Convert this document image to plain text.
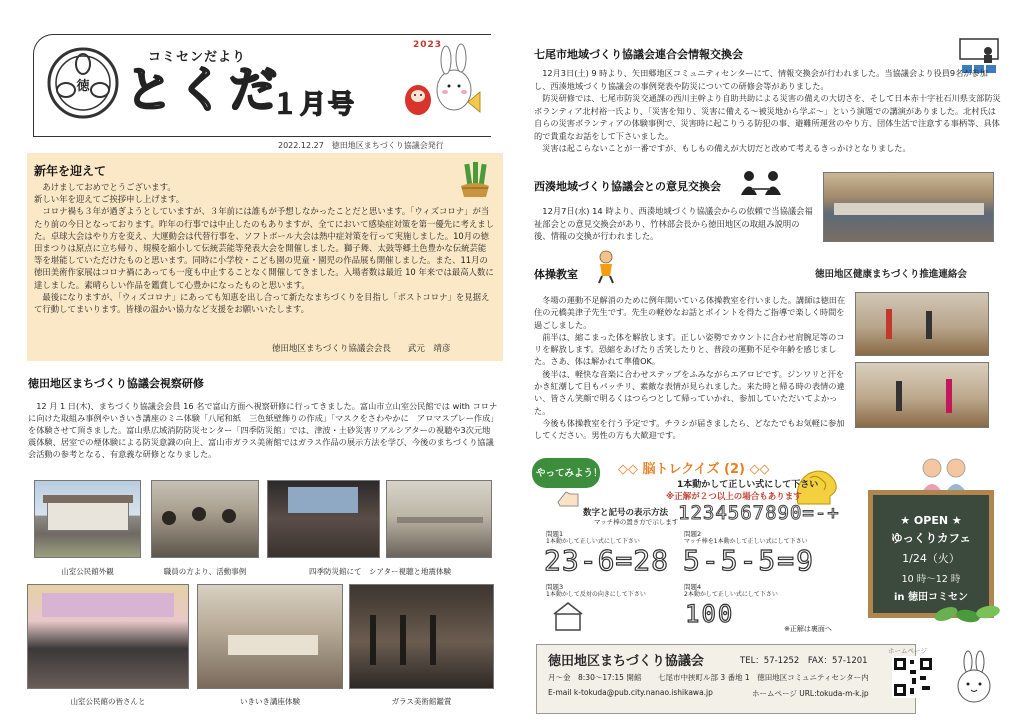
徳
コミセンだより
とくだ
１月号
2023
2022.12.27　徳田地区まちづくり協議会発行
新年を迎えて
　あけましておめでとうございます。
新しい年を迎えてご挨拶申し上げます。
　コロナ禍も３年が過ぎようとしていますが、３年前には誰もが予想しなかったことだと思います。「ウィズコロナ」が当たり前の今日となっております。昨年の行事では中止したのもありますが、全てにおいて感染症対策を第一優先に考えました。卓球大会はやり方を変え、大運動会は代替行事を、ソフトボール大会は熱中症対策を行って実施しました。10月の徳田まつりは原点に立ち帰り、規模を縮小して伝統芸能等発表大会を開催しました。獅子舞、太鼓等郷土色豊かな伝統芸能等を堪能していただけたものと思います。同時に小学校・こども園の児童・園児の作品展も開催しました。また、11月の徳田美術作家展はコロナ禍にあっても一度も中止することなく開催してきました。入場者数は最近 10 年来では最高人数に達しました。素晴らしい作品を鑑賞して心豊かになったものと思います。
　最後になりますが、「ウィズコロナ」にあっても知恵を出し合って新たなまちづくりを目指し「ポストコロナ」を見据えて行動してまいります。皆様の温かい協力など支援をお願いいたします。
徳田地区まちづくり協議会会長　　武元　靖彦
徳田地区まちづくり協議会視察研修
　12 月 1 日(木)、まちづくり協議会会員 16 名で富山方面へ視察研修に行ってきました。富山市立山室公民館では with コロナに向けた取組み事例やいきいき講座のミニ体験「八尾和紙　三色紙壁飾りの作成」「マスクをさわやかに　アロマスプレー作成」を体験させて頂きました。富山県広域消防防災センター「四季防災館」では、津波・土砂災害リアルシアターの視聴や3次元地震体験、居室での煙体験による防災意識の向上、富山市ガラス美術館ではガラス作品の展示方法を学び、今後のまちづくり協議会活動の参考となる、有意義な研修となりました。
山室公民館外観	職員の方より、活動事例	四季防災館にて　シアター視聴と地震体験
山室公民館の皆さんと	いきいき講座体験	ガラス美術館鑑賞
七尾市地域づくり協議会連合会情報交換会
　12月3日(土) 9 時より、矢田郷地区コミュニティセンターにて、情報交換会が行われました。当協議会より役員9名が参加し、西湊地域づくり協議会の事例発表や防災についての研修会等がありました。
　防災研修では、七尾市防災交通課の西川主幹より自助共助による災害の備えの大切さを、そして日本赤十字社石川県支部防災ボランティア北村裕一氏より、「災害を知り、災害に備える～被災地から学ぶ～」という演題での講演がありました。北村氏は自らの災害ボランティアの体験事例で、災害時に起こりうる防犯の事、避難所運営のやり方、団体生活で注意する事柄等、具体的で貴重なお話をして下さいました。
　災害は起こらないことが一番ですが、もしもの備えが大切だと改めて考えるきっかけとなりました。
西湊地域づくり協議会との意見交換会
　12月7日(水) 14 時より、西湊地域づくり協議会からの依頼で当協議会福祉部会との意見交換会があり、竹林部会長から徳田地区の取組み説明の後、情報の交換が行われました。
体操教室	徳田地区健康まちづくり推進連絡会
　冬場の運動不足解消のために例年開いている体操教室を行いました。講師は徳田在住の元橋美津子先生です。先生の軽妙なお話とポイントを得たご指導で楽しく時間を過ごしました。
　前半は、縮こまった体を解放します。正しい姿勢でカウントに合わせ肩腕足等のコリを解放します。恐縮をあげたり舌笑したりと、普段の運動不足や年齢を感じました。さあ、体は解かれて準備OK。
　後半は、軽快な音楽に合わせステップをふみながらエアロビです。ジンワリと汗をかき紅潮して目もパッチリ、素敵な表情が見られました。来た時と帰る時の表情の違い、皆さん笑顔で明るくはつらつとして帰っていかれ、参加していただいてよかった。
　今後も体操教室を行う予定です。チラシが届きましたら、どなたでもお気軽に参加してください。男性の方も大歓迎です。
やってみよう！ ◇◇ 脳トレクイズ (2) ◇◇
1本動かして正しい式にして下さい
※正解が２つ以上の場合もあります
数字と記号の表示方法
マッチ棒の置き方で示します 1234567890=-+
問題1
1本動かして正しい式にして下さい
23-6=28
問題2
マッチ棒を1本動かして正しい式にして下さい
5-5-5=9
問題3
1本動かして反対の向きにして下さい
問題4
2本動かして正しい式にして下さい
100
※正解は裏面へ
★ OPEN ★
ゆっくりカフェ
1/24（火）
10 時～12 時
in 徳田コミセン
徳田地区まちづくり協議会	TEL：57-1252　FAX：57-1201
月～金　8:30～17:15 開館 七尾市中挟町ル部 3 番地 1　徳田地区コミュニティセンター内
E-mail k-tokuda@pub.city.nanao.ishikawa.jp	ホームページ URL:tokuda-m-k.jp
ホームページ
